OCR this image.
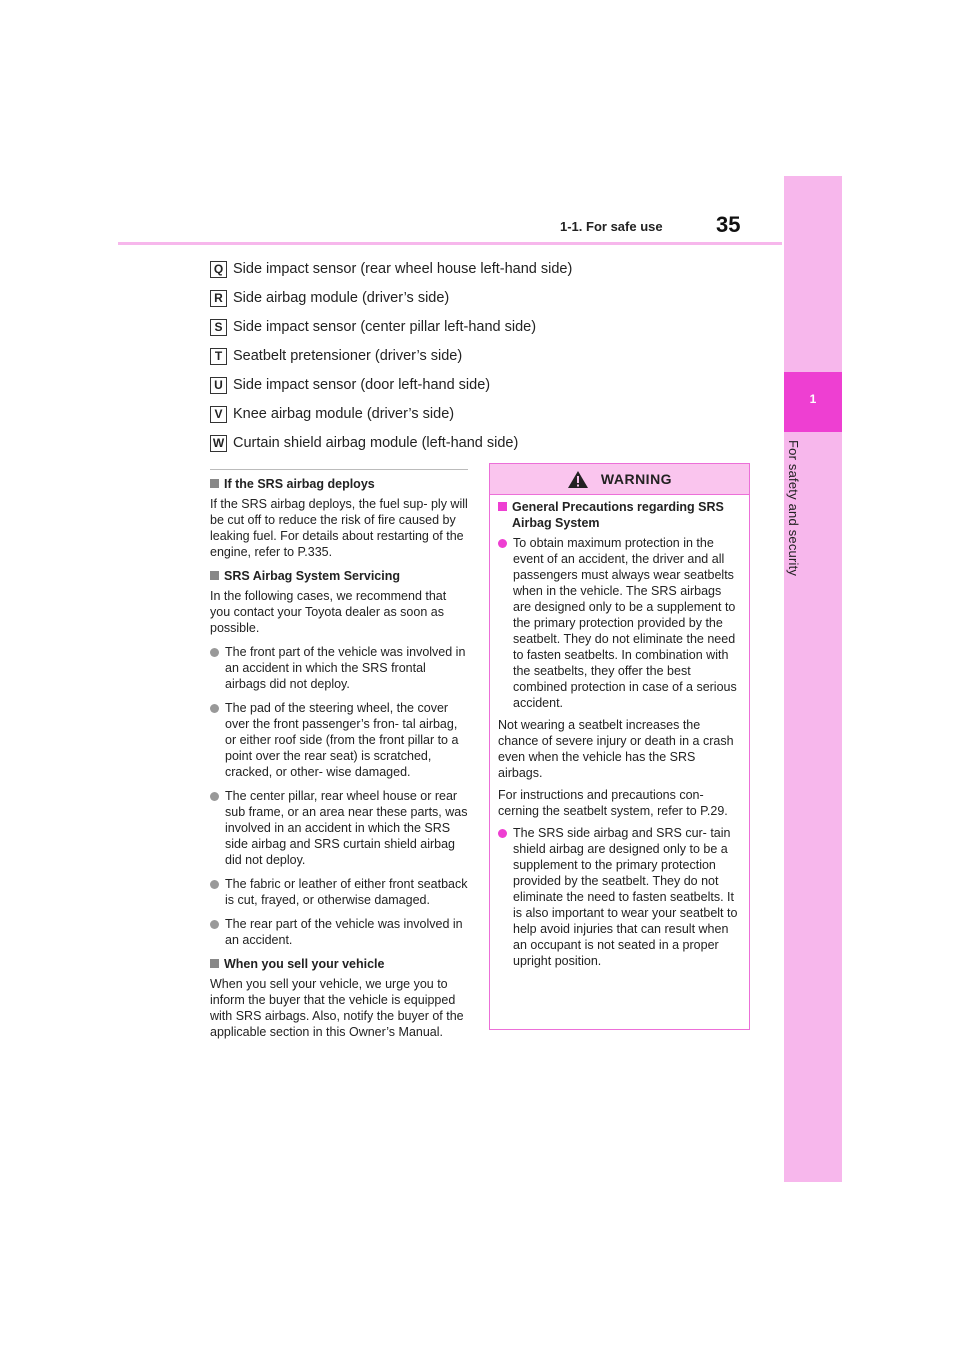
1-1. For safe use 35
1
For safety and security
Q Side impact sensor (rear wheel house left-hand side)
R Side airbag module (driver’s side)
S Side impact sensor (center pillar left-hand side)
T Seatbelt pretensioner (driver’s side)
U Side impact sensor (door left-hand side)
V Knee airbag module (driver’s side)
W Curtain shield airbag module (left-hand side)
If the SRS airbag deploys

If the SRS airbag deploys, the fuel sup- ply will be cut off to reduce the risk of fire caused by leaking fuel. For details about restarting of the engine, refer to P.335.

SRS Airbag System Servicing

In the following cases, we recommend that you contact your Toyota dealer as soon as possible.

The front part of the vehicle was involved in an accident in which the SRS frontal airbags did not deploy.
The pad of the steering wheel, the cover over the front passenger’s fron- tal airbag, or either roof side (from the front pillar to a point over the rear seat) is scratched, cracked, or other- wise damaged.
The center pillar, rear wheel house or rear sub frame, or an area near these parts, was involved in an accident in which the SRS side airbag and SRS curtain shield airbag did not deploy.
The fabric or leather of either front seatback is cut, frayed, or otherwise damaged.
The rear part of the vehicle was involved in an accident.
When you sell your vehicle

When you sell your vehicle, we urge you to inform the buyer that the vehicle is equipped with SRS airbags. Also, notify the buyer of the applicable section in this Owner’s Manual.

WARNING
General Precautions regarding SRS Airbag System
To obtain maximum protection in the event of an accident, the driver and all passengers must always wear seatbelts when in the vehicle. The SRS airbags are designed only to be a supplement to the primary protection provided by the seatbelt. They do not eliminate the need to fasten seatbelts. In combination with the seatbelts, they offer the best combined protection in case of a serious accident.

Not wearing a seatbelt increases the chance of severe injury or death in a crash even when the vehicle has the SRS airbags.

For instructions and precautions con- cerning the seatbelt system, refer to P.29.

The SRS side airbag and SRS cur- tain shield airbag are designed only to be a supplement to the primary protection provided by the seatbelt. They do not eliminate the need to fasten seatbelts. It is also important to wear your seatbelt to help avoid injuries that can result when an occupant is not seated in a proper upright position.
